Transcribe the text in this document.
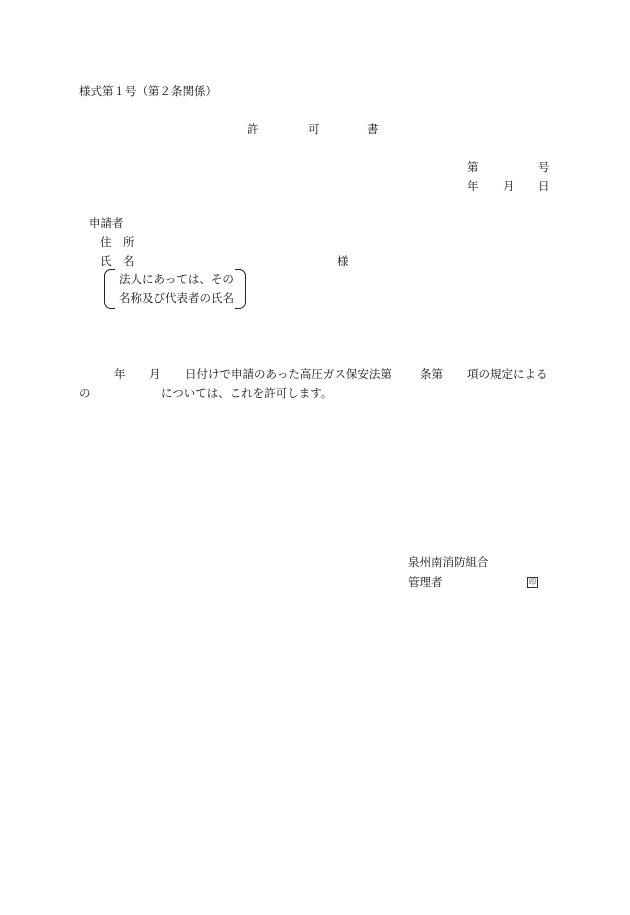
様式第１号（第２条関係）
許	可	書
第	号
年 月 日
申請者
住　所
氏　名	様
法人にあっては、その
名称及び代表者の氏名
年 月 日付けで申請のあった高圧ガス保安法第 条第 項の規定による
の	については、これを許可します。
泉州南消防組合
管理者	印
